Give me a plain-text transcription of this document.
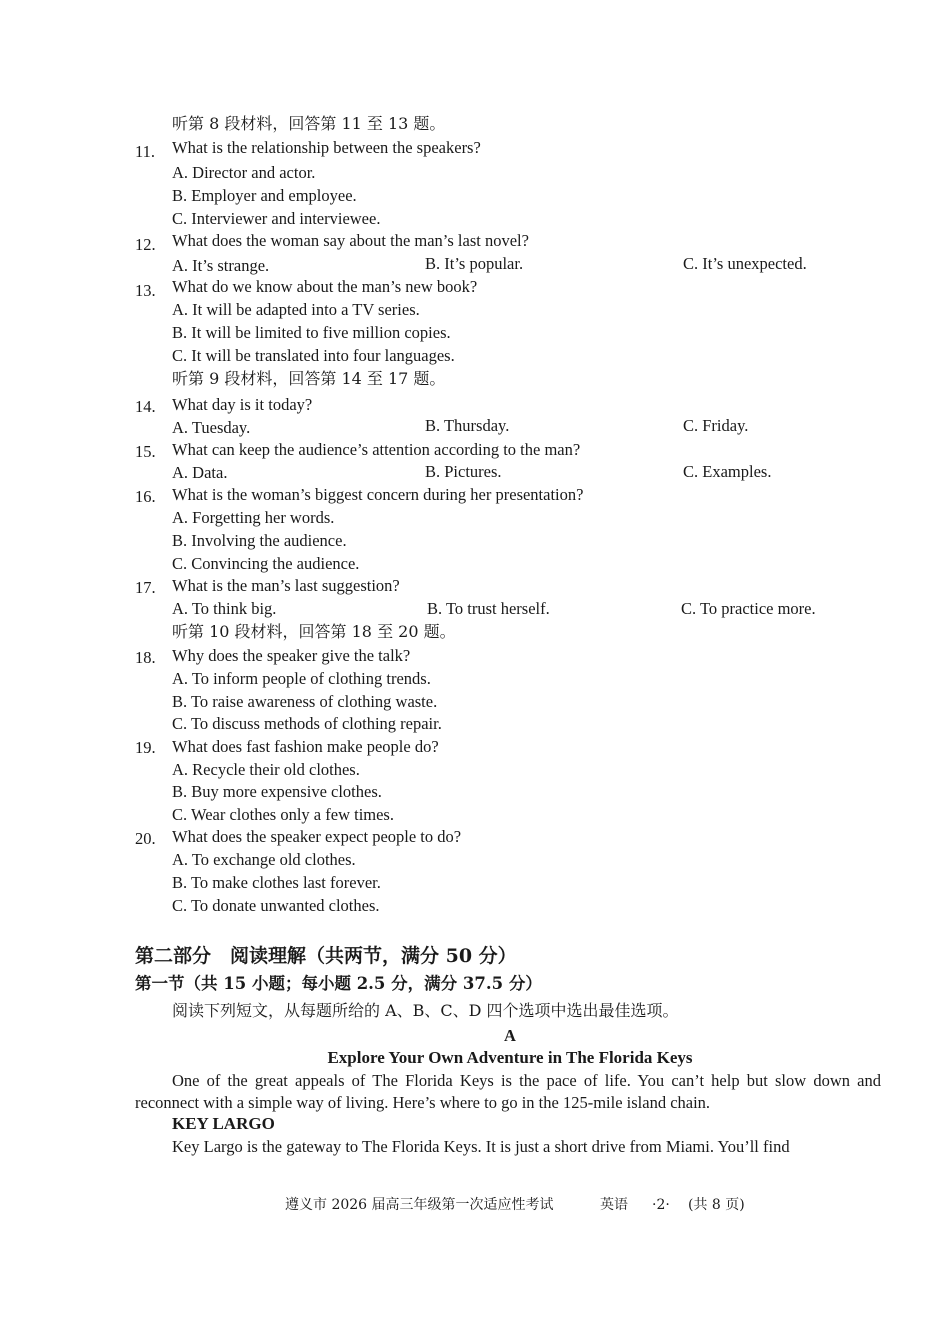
听第 8 段材料，回答第 11 至 13 题。
11.	What is the relationship between the speakers?
A. Director and actor.
B. Employer and employee.
C. Interviewer and interviewee.
12. What does the woman say about the man’s last novel?
A. It’s strange.	B. It’s popular.	C. It’s unexpected.
13. What do we know about the man’s new book?
A. It will be adapted into a TV series.
B. It will be limited to five million copies.
C. It will be translated into four languages.
听第 9 段材料，回答第 14 至 17 题。
14. What day is it today?
A. Tuesday.	B. Thursday.	C. Friday.
15. What can keep the audience’s attention according to the man?
A. Data.	B. Pictures.	C. Examples.
16. What is the woman’s biggest concern during her presentation?
A. Forgetting her words.
B. Involving the audience.
C. Convincing the audience.
17. What is the man’s last suggestion?
A. To think big.	B. To trust herself.	C. To practice more.
听第 10 段材料，回答第 18 至 20 题。
18. Why does the speaker give the talk?
A. To inform people of clothing trends.
B. To raise awareness of clothing waste.
C. To discuss methods of clothing repair.
19. What does fast fashion make people do?
A. Recycle their old clothes.
B. Buy more expensive clothes.
C. Wear clothes only a few times.
20. What does the speaker expect people to do?
A. To exchange old clothes.
B. To make clothes last forever.
C. To donate unwanted clothes.
第二部分　阅读理解（共两节，满分 50 分）
第一节（共 15 小题；每小题 2.5 分，满分 37.5 分）
阅读下列短文，从每题所给的 A、B、C、D 四个选项中选出最佳选项。
A
Explore Your Own Adventure in The Florida Keys
One of the great appeals of The Florida Keys is the pace of life. You can’t help but slow down and reconnect with a simple way of living. Here’s where to go in the 125-mile island chain.
KEY LARGO
Key Largo is the gateway to The Florida Keys. It is just a short drive from Miami. You’ll find
遵义市 2026 届高三年级第一次适应性考试	英语 ·2· (共 8 页)
